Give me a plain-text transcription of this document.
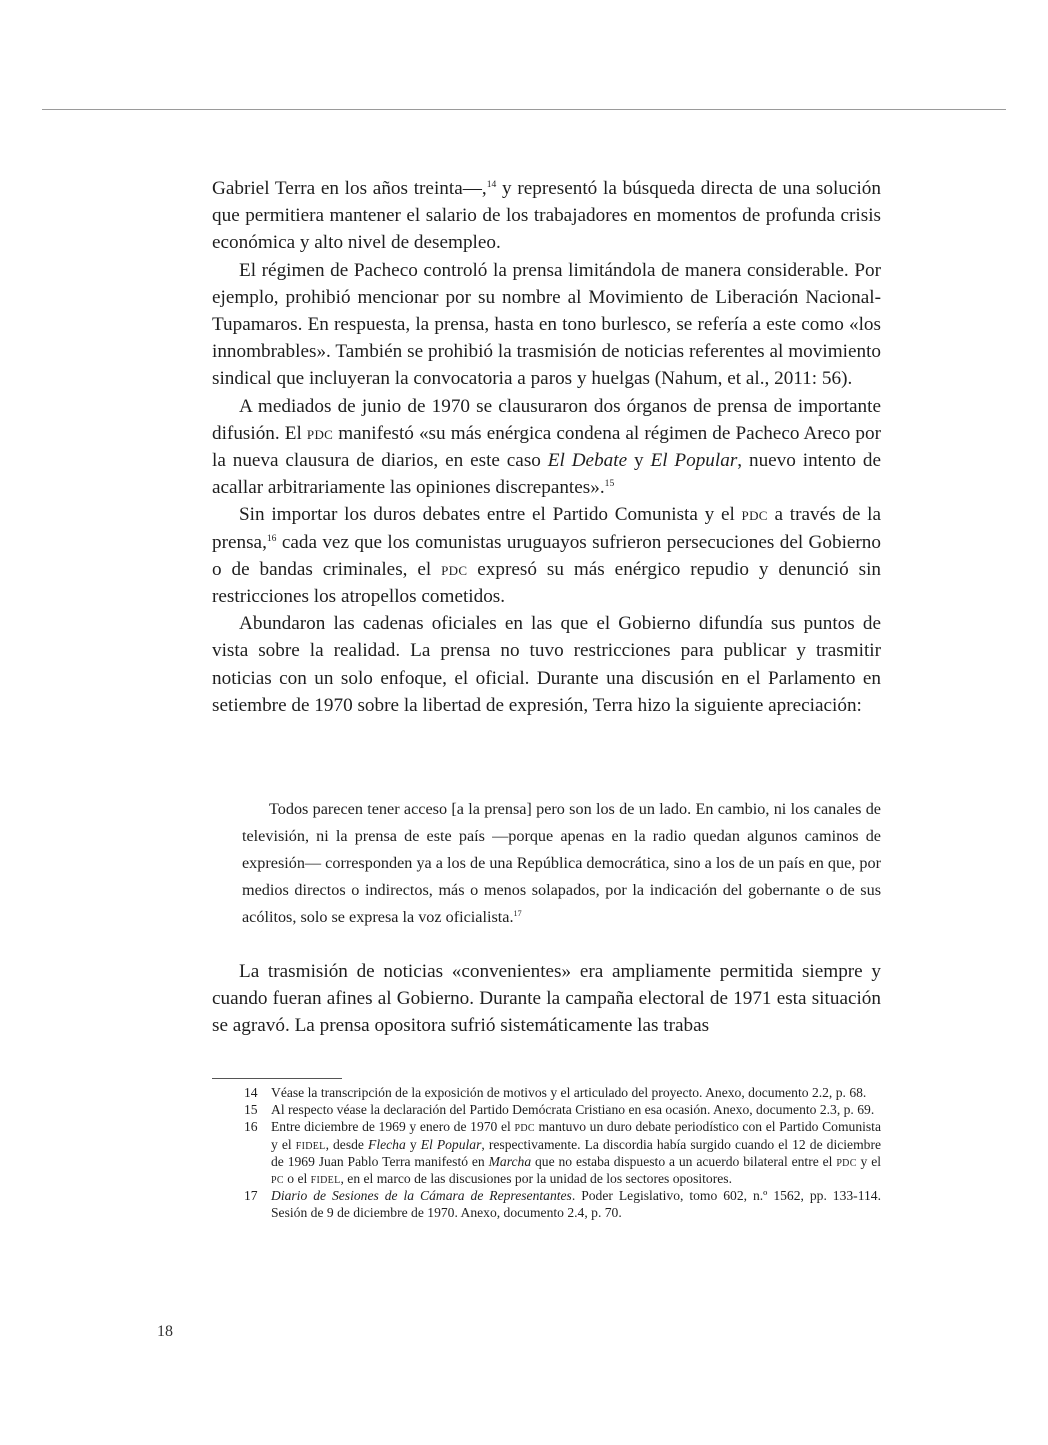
Gabriel Terra en los años treinta—,$^{14}$ y representó la búsqueda directa de una solución que permitiera mantener el salario de los trabajadores en momentos de profunda crisis económica y alto nivel de desempleo.

El régimen de Pacheco controló la prensa limitándola de manera considerable. Por ejemplo, prohibió mencionar por su nombre al Movimiento de Liberación Nacional-Tupamaros. En respuesta, la prensa, hasta en tono burlesco, se refería a este como «los innombrables». También se prohibió la trasmisión de noticias referentes al movimiento sindical que incluyeran la convocatoria a paros y huelgas (Nahum, et al., 2011: 56).

A mediados de junio de 1970 se clausuraron dos órganos de prensa de importante difusión. El pdc manifestó «su más enérgica condena al régimen de Pacheco Areco por la nueva clausura de diarios, en este caso El Debate y El Popular, nuevo intento de acallar arbitrariamente las opiniones discrepantes».$^{15}$

Sin importar los duros debates entre el Partido Comunista y el pdc a través de la prensa,$^{16}$ cada vez que los comunistas uruguayos sufrieron persecuciones del Gobierno o de bandas criminales, el pdc expresó su más enérgico repudio y denunció sin restricciones los atropellos cometidos.

Abundaron las cadenas oficiales en las que el Gobierno difundía sus puntos de vista sobre la realidad. La prensa no tuvo restricciones para publicar y trasmitir noticias con un solo enfoque, el oficial. Durante una discusión en el Parlamento en setiembre de 1970 sobre la libertad de expresión, Terra hizo la siguiente apreciación:

Todos parecen tener acceso [a la prensa] pero son los de un lado. En cambio, ni los canales de televisión, ni la prensa de este país —porque apenas en la radio quedan algunos caminos de expresión— corresponden ya a los de una República democrática, sino a los de un país en que, por medios directos o indirectos, más o menos solapados, por la indicación del gobernante o de sus acólitos, solo se expresa la voz oficialista.$^{17}$

La trasmisión de noticias «convenientes» era ampliamente permitida siempre y cuando fueran afines al Gobierno. Durante la campaña electoral de 1971 esta situación se agravó. La prensa opositora sufrió sistemáticamente las trabas

14 Véase la transcripción de la exposición de motivos y el articulado del proyecto. Anexo, documento 2.2, p. 68.
15 Al respecto véase la declaración del Partido Demócrata Cristiano en esa ocasión. Anexo, documento 2.3, p. 69.
16 Entre diciembre de 1969 y enero de 1970 el pdc mantuvo un duro debate periodístico con el Partido Comunista y el fidel, desde Flecha y El Popular, respectivamente. La discordia había surgido cuando el 12 de diciembre de 1969 Juan Pablo Terra manifestó en Marcha que no estaba dispuesto a un acuerdo bilateral entre el pdc y el pc o el fidel, en el marco de las discusiones por la unidad de los sectores opositores.
17 Diario de Sesiones de la Cámara de Representantes. Poder Legislativo, tomo 602, n.º 1562, pp. 133-114. Sesión de 9 de diciembre de 1970. Anexo, documento 2.4, p. 70.
18
